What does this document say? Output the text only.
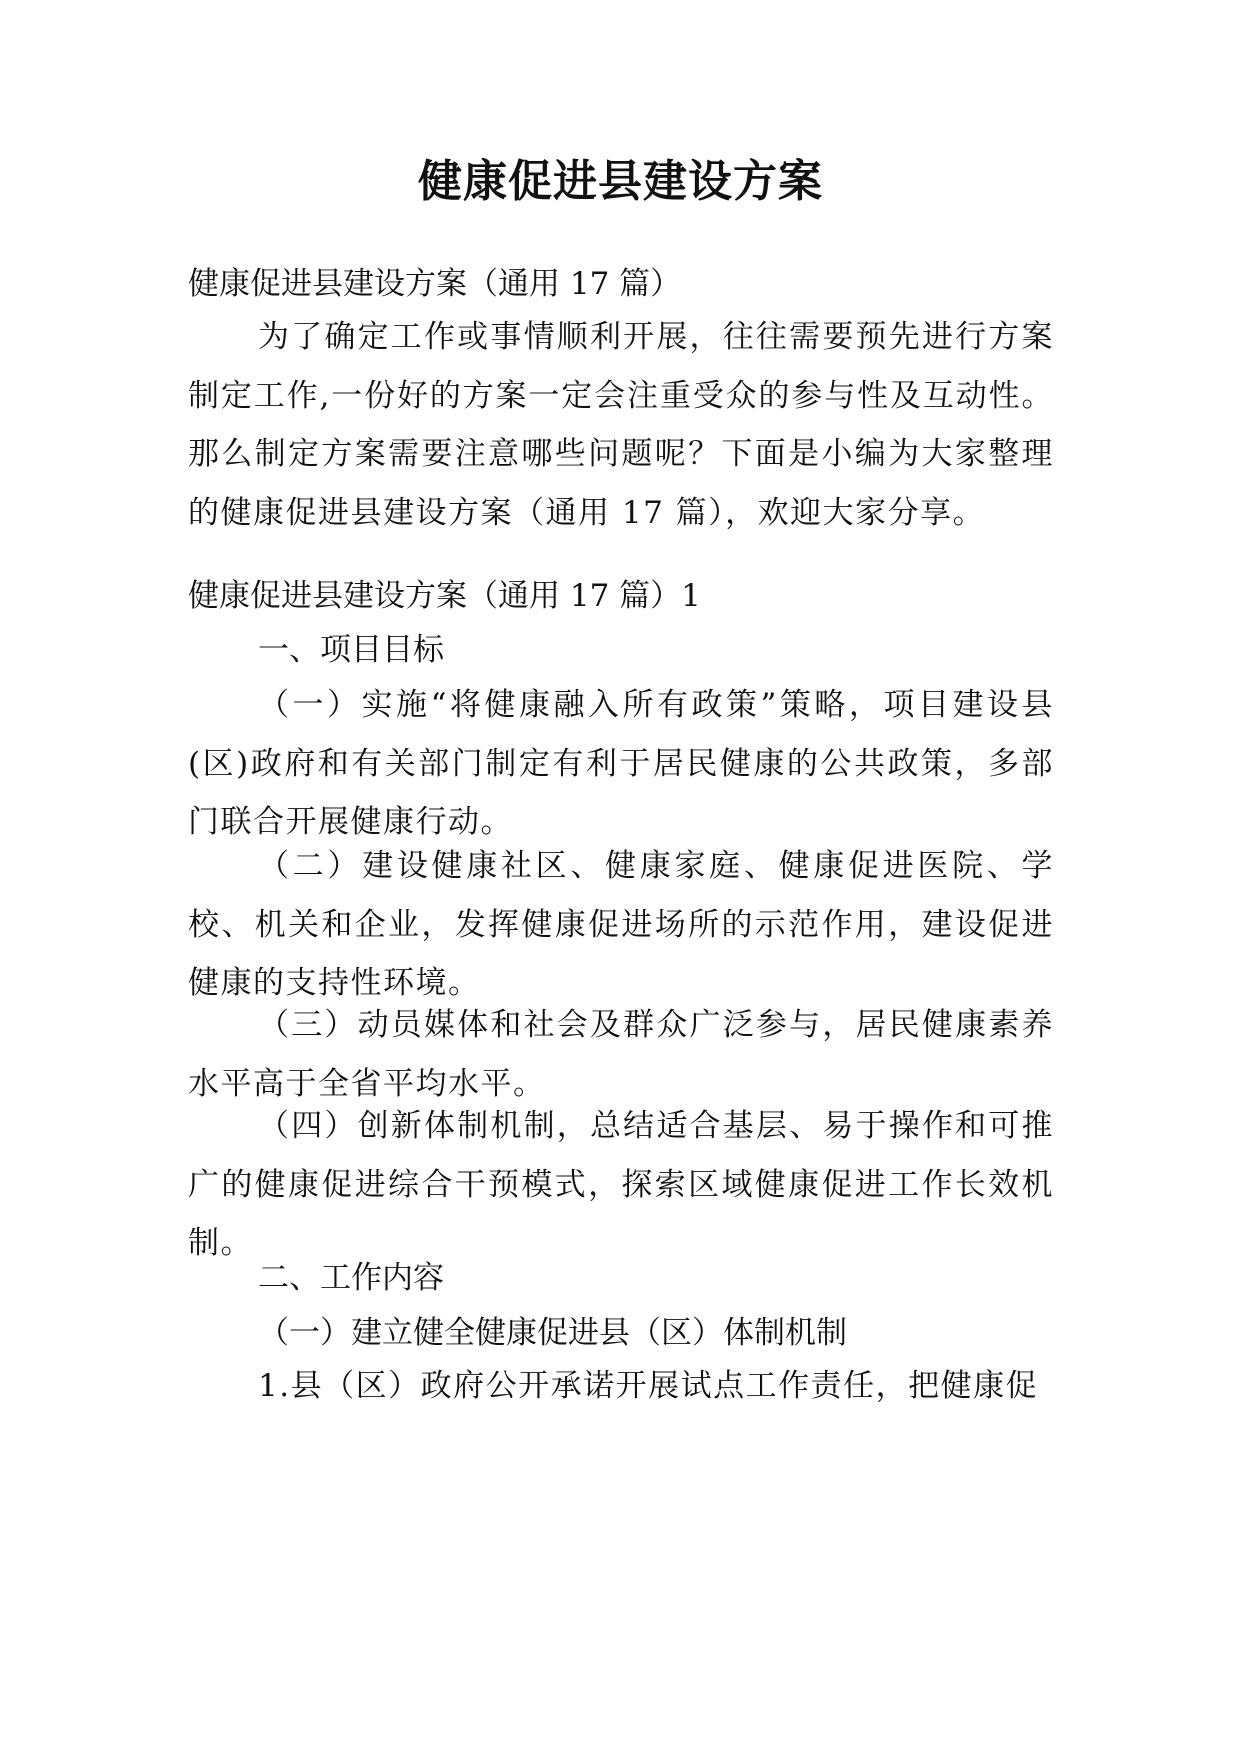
健康促进县建设方案
健康促进县建设方案（通用 17 篇）

为了确定工作或事情顺利开展，往往需要预先进行方案制定工作,一份好的方案一定会注重受众的参与性及互动性。那么制定方案需要注意哪些问题呢？下面是小编为大家整理的健康促进县建设方案（通用 17 篇），欢迎大家分享。

健康促进县建设方案（通用 17 篇）1
一、项目目标

（一）实施“将健康融入所有政策”策略，项目建设县(区)政府和有关部门制定有利于居民健康的公共政策，多部门联合开展健康行动。

（二）建设健康社区、健康家庭、健康促进医院、学校、机关和企业，发挥健康促进场所的示范作用，建设促进健康的支持性环境。

（三）动员媒体和社会及群众广泛参与，居民健康素养水平高于全省平均水平。

（四）创新体制机制，总结适合基层、易于操作和可推广的健康促进综合干预模式，探索区域健康促进工作长效机制。

二、工作内容
（一）建立健全健康促进县（区）体制机制
1.县（区）政府公开承诺开展试点工作责任，把健康促
